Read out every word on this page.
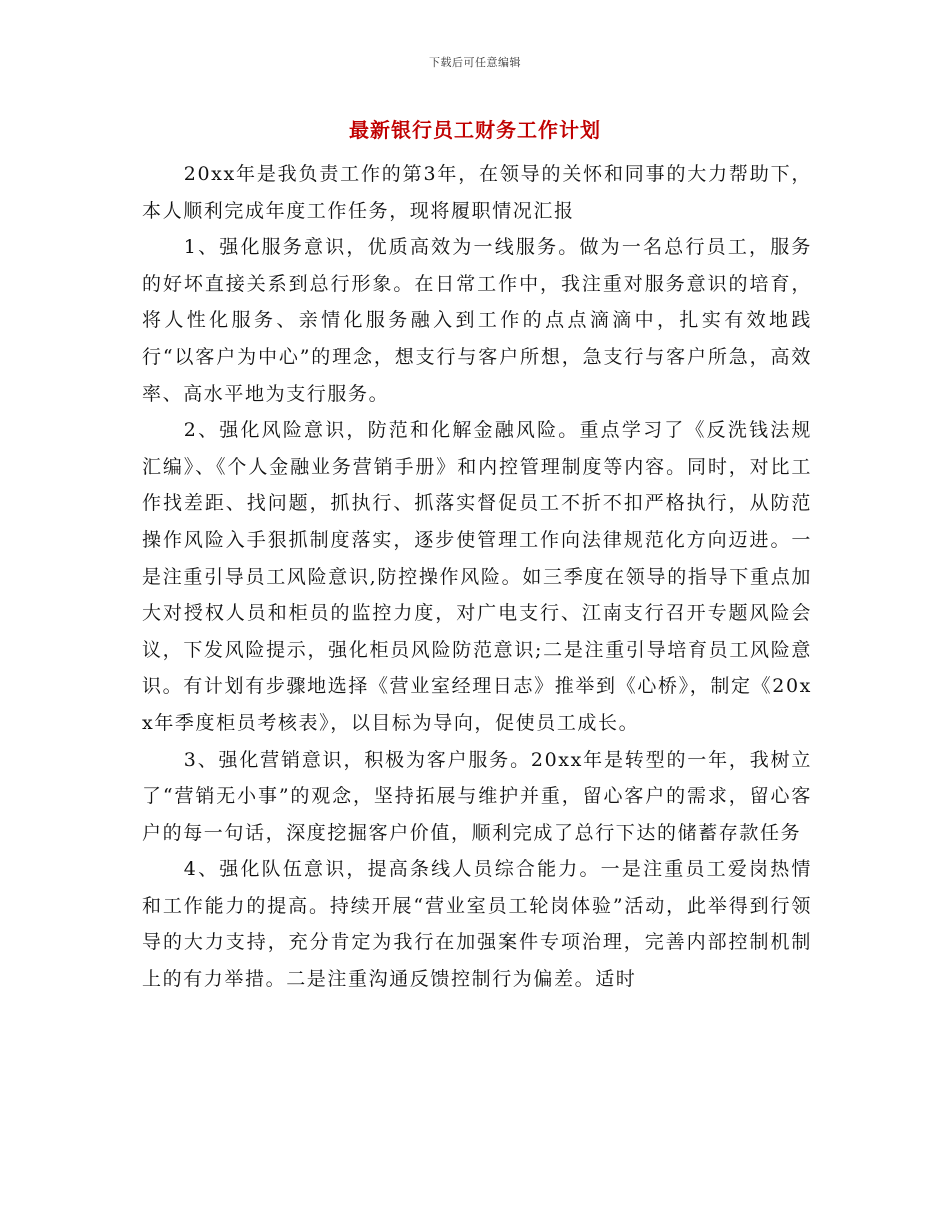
下载后可任意编辑
最新银行员工财务工作计划

20xx年是我负责工作的第3年，在领导的关怀和同事的大力帮助下，本人顺利完成年度工作任务，现将履职情况汇报

1、强化服务意识，优质高效为一线服务。做为一名总行员工，服务的好坏直接关系到总行形象。在日常工作中，我注重对服务意识的培育，将人性化服务、亲情化服务融入到工作的点点滴滴中，扎实有效地践行“以客户为中心”的理念，想支行与客户所想，急支行与客户所急，高效率、高水平地为支行服务。

2、强化风险意识，防范和化解金融风险。重点学习了《反洗钱法规汇编》、《个人金融业务营销手册》和内控管理制度等内容。同时，对比工作找差距、找问题，抓执行、抓落实督促员工不折不扣严格执行，从防范操作风险入手狠抓制度落实，逐步使管理工作向法律规范化方向迈进。一是注重引导员工风险意识,防控操作风险。如三季度在领导的指导下重点加大对授权人员和柜员的监控力度，对广电支行、江南支行召开专题风险会议，下发风险提示，强化柜员风险防范意识;二是注重引导培育员工风险意识。有计划有步骤地选择《营业室经理日志》推举到《心桥》，制定《20xx年季度柜员考核表》，以目标为导向，促使员工成长。

3、强化营销意识，积极为客户服务。20xx年是转型的一年，我树立了“营销无小事”的观念，坚持拓展与维护并重，留心客户的需求，留心客户的每一句话，深度挖掘客户价值，顺利完成了总行下达的储蓄存款任务

4、强化队伍意识，提高条线人员综合能力。一是注重员工爱岗热情和工作能力的提高。持续开展“营业室员工轮岗体验”活动，此举得到行领导的大力支持，充分肯定为我行在加强案件专项治理，完善内部控制机制上的有力举措。二是注重沟通反馈控制行为偏差。适时
